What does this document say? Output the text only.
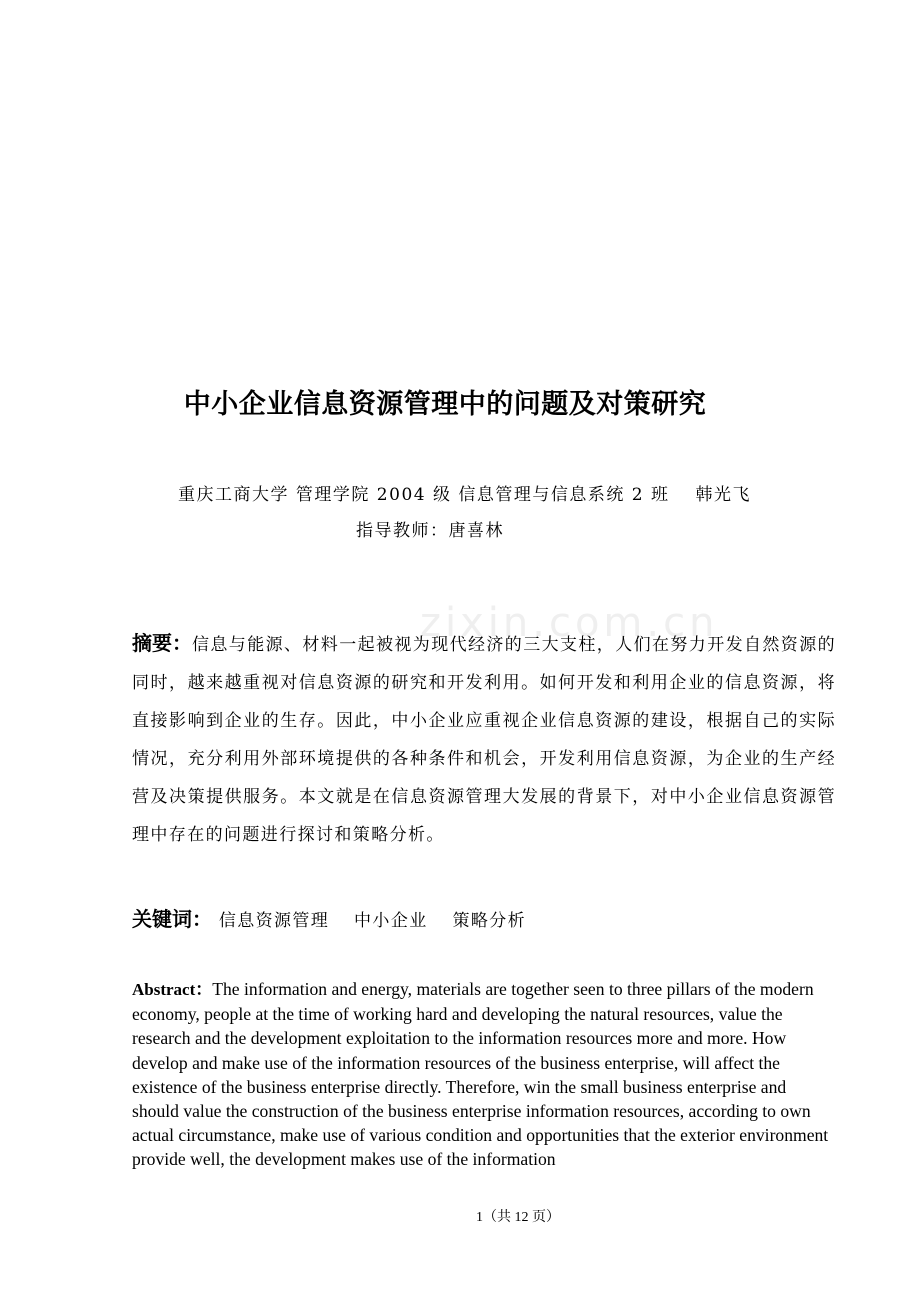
中小企业信息资源管理中的问题及对策研究
重庆工商大学 管理学院 2004 级 信息管理与信息系统 2 班 韩光飞
指导教师：唐喜林
zixin.com.cn
摘要：信息与能源、材料一起被视为现代经济的三大支柱，人们在努力开发自然资源的同时，越来越重视对信息资源的研究和开发利用。如何开发和利用企业的信息资源，将直接影响到企业的生存。因此，中小企业应重视企业信息资源的建设，根据自己的实际情况，充分利用外部环境提供的各种条件和机会，开发利用信息资源，为企业的生产经营及决策提供服务。本文就是在信息资源管理大发展的背景下，对中小企业信息资源管理中存在的问题进行探讨和策略分析。
关键词： 信息资源管理 中小企业 策略分析
Abstract：The information and energy, materials are together seen to three pillars of the modern economy, people at the time of working hard and developing the natural resources, value the research and the development exploitation to the information resources more and more. How develop and make use of the information resources of the business enterprise, will affect the existence of the business enterprise directly. Therefore, win the small business enterprise and should value the construction of the business enterprise information resources, according to own actual circumstance, make use of various condition and opportunities that the exterior environment provide well, the development makes use of the information
1（共 12 页）
